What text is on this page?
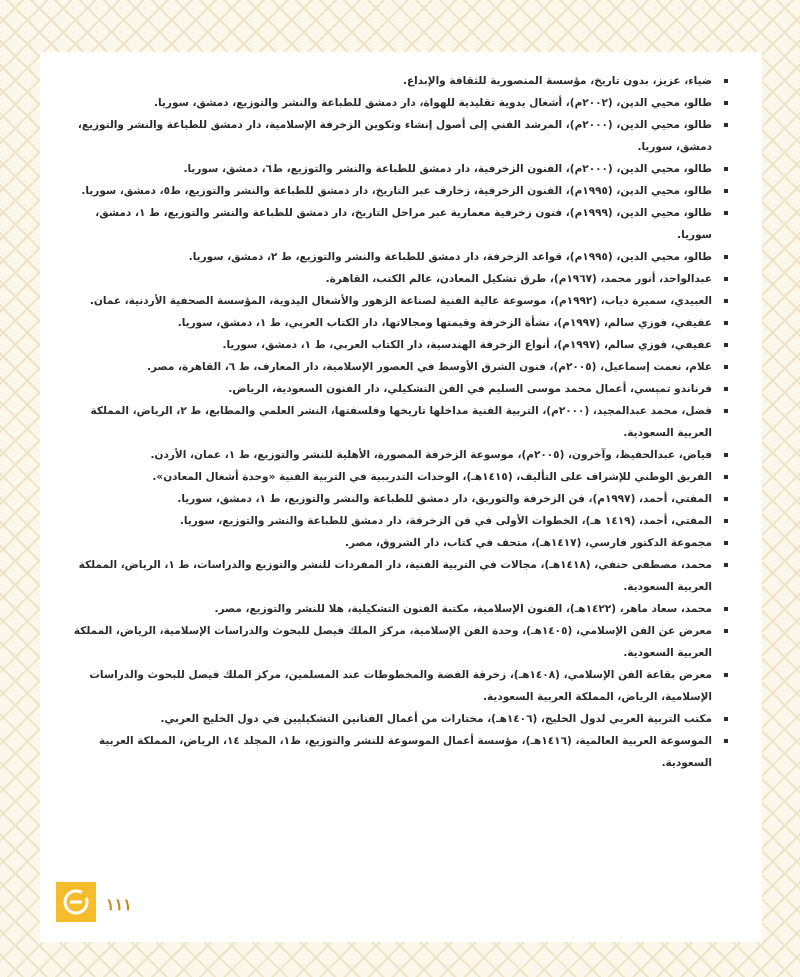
ضياء، عزيز، بدون تاريخ، مؤسسة المنصورية للثقافة والإبداع.
طالو، محيي الدين، (٢٠٠٢م)، أشغال يدوية تقليدية للهواة، دار دمشق للطباعة والنشر والتوزيع، دمشق، سوريا.
طالو، محيي الدين، (٢٠٠٠م)، المرشد الفني إلى أصول إنشاء وتكوين الزخرفة الإسلامية، دار دمشق للطباعة والنشر والتوزيع، دمشق، سوريا.
طالو، محيي الدين، (٢٠٠٠م)، الفنون الزخرفية، دار دمشق للطباعة والنشر والتوزيع، ط٦، دمشق، سوريا.
طالو، محيي الدين، (١٩٩٥م)، الفنون الزخرفية، زخارف عبر التاريخ، دار دمشق للطباعة والنشر والتوزيع، ط٥، دمشق، سوريا.
طالو، محيي الدين، (١٩٩٩م)، فنون زخرفية معمارية عبر مراحل التاريخ، دار دمشق للطباعة والنشر والتوزيع، ط ١، دمشق، سوريا.
طالو، محيي الدين، (١٩٩٥م)، قواعد الزخرفة، دار دمشق للطباعة والنشر والتوزيع، ط ٢، دمشق، سوريا.
عبدالواحد، أنور محمد، (١٩٦٧م)، طرق تشكيل المعادن، عالم الكتب، القاهرة.
العبيدي، سميرة دياب، (١٩٩٢م)، موسوعة عالية الفنية لصناعة الزهور والأشغال اليدوية، المؤسسة الصحفية الأردنية، عمان.
عفيفي، فوزي سالم، (١٩٩٧م)، نشأة الزخرفة وقيمتها ومجالاتها، دار الكتاب العربي، ط ١، دمشق، سوريا.
عفيفي، فوزي سالم، (١٩٩٧م)، أنواع الزخرفة الهندسية، دار الكتاب العربي، ط ١، دمشق، سوريا.
علام، نعمت إسماعيل، (٢٠٠٥م)، فنون الشرق الأوسط في العصور الإسلامية، دار المعارف، ط ٦، القاهرة، مصر.
فرناندو تمبسي، أعمال محمد موسى السليم في الفن التشكيلي، دار الفنون السعودية، الرياض.
فضل، محمد عبدالمجيد، (٢٠٠٠م)، التربية الفنية مداخلها تاريخها وفلسفتها، النشر العلمي والمطابع، ط ٢، الرياض، المملكة العربية السعودية.
فياض، عبدالحفيظ، وآخرون، (٢٠٠٥م)، موسوعة الزخرفة المصورة، الأهلية للنشر والتوزيع، ط ١، عمان، الأردن.
الفريق الوطني للإشراف على التأليف، (١٤١٥هـ)، الوحدات التدريبية في التربية الفنية «وحدة أشغال المعادن».
المفتي، أحمد، (١٩٩٧م)، فن الزخرفة والتوريق، دار دمشق للطباعة والنشر والتوزيع، ط ١، دمشق، سوريا.
المفتي، أحمد، (١٤١٩ هـ)، الخطوات الأولى في فن الزخرفة، دار دمشق للطباعة والنشر والتوزيع، سوريا.
مجموعة الدكتور فارسي، (١٤١٧هـ)، متحف في كتاب، دار الشروق، مصر.
محمد، مصطفى حنفي، (١٤١٨هـ)، مجالات في التربية الفنية، دار المفردات للنشر والتوزيع والدراسات، ط ١، الرياض، المملكة العربية السعودية.
محمد، سعاد ماهر، (١٤٢٢هـ)، الفنون الإسلامية، مكتبة الفنون التشكيلية، هلا للنشر والتوزيع، مصر.
معرض عن الفن الإسلامي، (١٤٠٥هـ)، وحدة الفن الإسلامية، مركز الملك فيصل للبحوث والدراسات الإسلامية، الرياض، المملكة العربية السعودية.
معرض بقاعة الفن الإسلامي، (١٤٠٨هـ)، زخرفة الفضة والمخطوطات عند المسلمين، مركز الملك فيصل للبحوث والدراسات الإسلامية، الرياض، المملكة العربية السعودية.
مكتب التربية العربي لدول الخليج، (١٤٠٦هـ)، مختارات من أعمال الفنانين التشكيليين في دول الخليج العربي.
الموسوعة العربية العالمية، (١٤١٦هـ)، مؤسسة أعمال الموسوعة للنشر والتوزيع، ط١، المجلد ١٤، الرياض، المملكة العربية السعودية.
١١١
